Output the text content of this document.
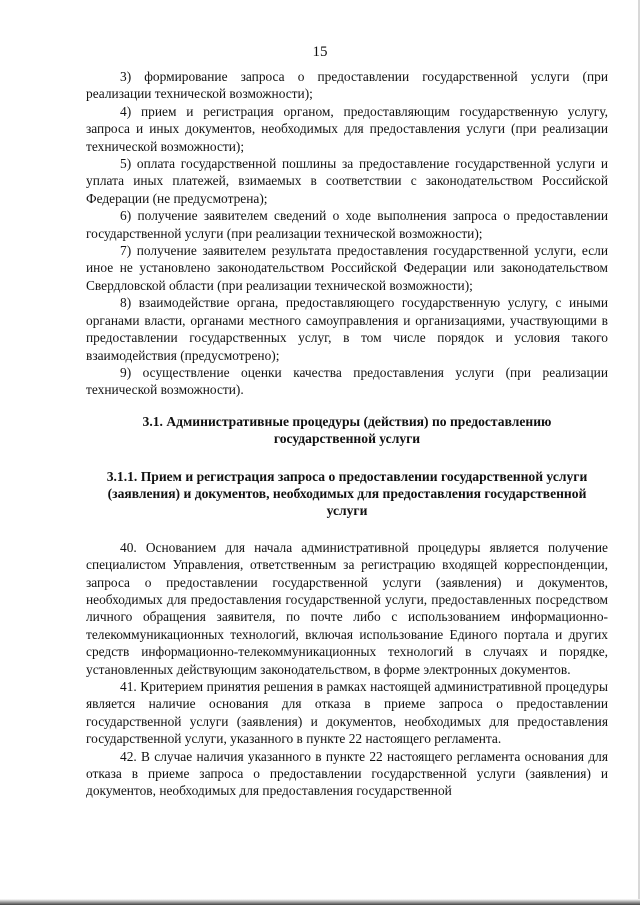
15

3) формирование запроса о предоставлении государственной услуги (при реализации технической возможности);

4) прием и регистрация органом, предоставляющим государственную услугу, запроса и иных документов, необходимых для предоставления услуги (при реализации технической возможности);

5) оплата государственной пошлины за предоставление государственной услуги и уплата иных платежей, взимаемых в соответствии с законодательством Российской Федерации (не предусмотрена);

6) получение заявителем сведений о ходе выполнения запроса о предоставлении государственной услуги (при реализации технической возможности);

7) получение заявителем результата предоставления государственной услуги, если иное не установлено законодательством Российской Федерации или законодательством Свердловской области (при реализации технической возможности);

8) взаимодействие органа, предоставляющего государственную услугу, с иными органами власти, органами местного самоуправления и организациями, участвующими в предоставлении государственных услуг, в том числе порядок и условия такого взаимодействия (предусмотрено);

9) осуществление оценки качества предоставления услуги (при реализации технической возможности).

3.1. Административные процедуры (действия) по предоставлению государственной услуги

3.1.1. Прием и регистрация запроса о предоставлении государственной услуги (заявления) и документов, необходимых для предоставления государственной услуги

40. Основанием для начала административной процедуры является получение специалистом Управления, ответственным за регистрацию входящей корреспонденции, запроса о предоставлении государственной услуги (заявления) и документов, необходимых для предоставления государственной услуги, предоставленных посредством личного обращения заявителя, по почте либо с использованием информационно-телекоммуникационных технологий, включая использование Единого портала и других средств информационно-телекоммуникационных технологий в случаях и порядке, установленных действующим законодательством, в форме электронных документов.

41. Критерием принятия решения в рамках настоящей административной процедуры является наличие основания для отказа в приеме запроса о предоставлении государственной услуги (заявления) и документов, необходимых для предоставления государственной услуги, указанного в пункте 22 настоящего регламента.

42. В случае наличия указанного в пункте 22 настоящего регламента основания для отказа в приеме запроса о предоставлении государственной услуги (заявления) и документов, необходимых для предоставления государственной
